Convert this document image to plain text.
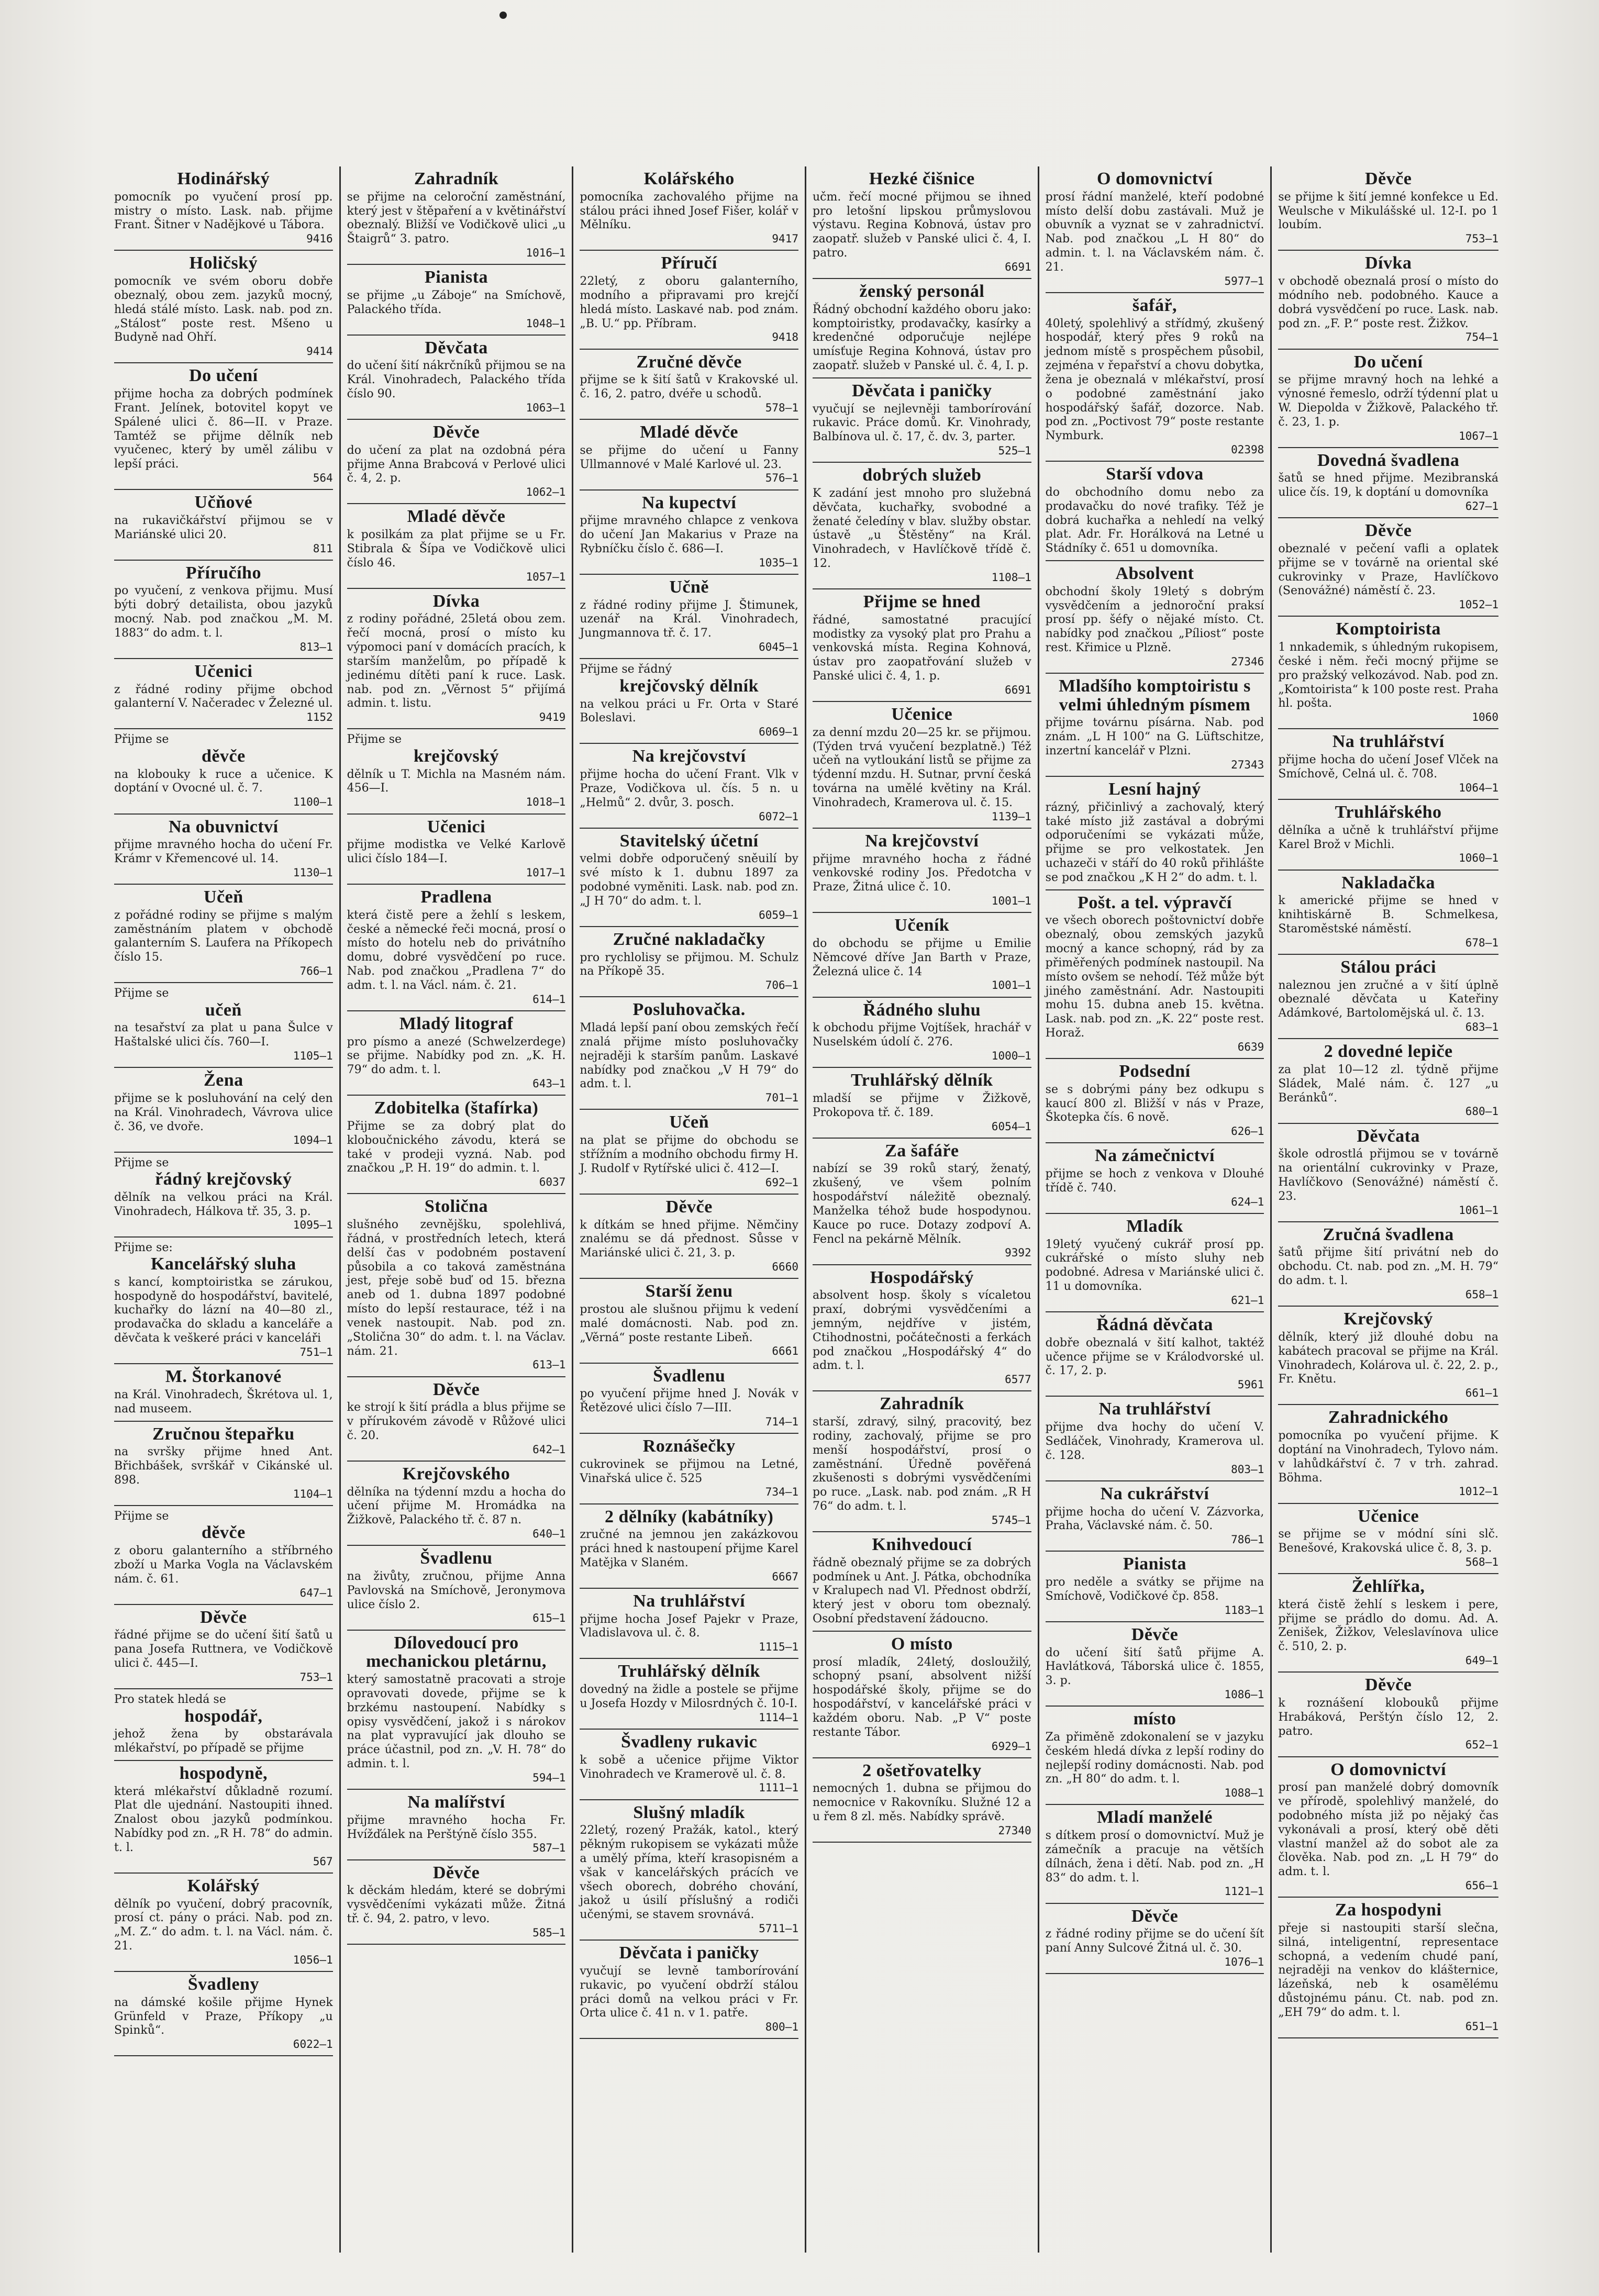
Hodinářský

pomocník po vyučení prosí pp. mistry o místo. Lask. nab. přijme Frant. Šitner v Nadějkové u Tábora.

9416
Holičský

pomocník ve svém oboru dobře obeznalý, obou zem. jazyků mocný, hledá stálé místo. Lask. nab. pod zn. „Stálost“ poste rest. Mšeno u Budyně nad Ohří.

9414
Do učení

přijme hocha za dobrých podmínek Frant. Jelínek, botovitel kopyt ve Spálené ulici č. 86—II. v Praze. Tamtéž se přijme dělník neb vyučenec, který by uměl zálibu v lepší práci.

564
Učňové

na rukavičkářství přijmou se v Mariánské ulici 20.

811
Příručího

po vyučení, z venkova přijmu. Musí býti dobrý detailista, obou jazyků mocný. Nab. pod značkou „M. M. 1883“ do adm. t. l.

813—1
Učenici

z řádné rodiny přijme obchod galanterní V. Načeradec v Železné ul.

1152
Přijme se
děvče

na klobouky k ruce a učenice. K doptání v Ovocné ul. č. 7.

1100—1
Na obuvnictví

přijme mravného hocha do učení Fr. Krámr v Křemencové ul. 14.

1130—1
Učeň

z pořádné rodiny se přijme s malým zaměstnáním platem v obchodě galanterním S. Laufera na Příkopech číslo 15.

766—1
Přijme se
učeň

na tesařství za plat u pana Šulce v Haštalské ulici čís. 760—I.

1105—1
Žena

přijme se k posluhování na celý den na Král. Vinohradech, Vávrova ulice č. 36, ve dvoře.

1094—1
Přijme se
řádný krejčovský

dělník na velkou práci na Král. Vinohradech, Hálkova tř. 35, 3. p.

1095—1
Přijme se:
Kancelářský sluha

s kancí, komptoiristka se zárukou, hospodyně do hospodářství, bavitelé, kuchařky do lázní na 40—80 zl., prodavačka do skladu a kanceláře a děvčata k veškeré práci v kanceláři

751—1
M. Štorkanové

na Král. Vinohradech, Škrétova ul. 1, nad museem.

Zručnou štepařku

na svršky přijme hned Ant. Břichbášek, svrškář v Cikánské ul. 898.

1104—1
Přijme se
děvče

z oboru galanterního a stříbrného zboží u Marka Vogla na Václavském nám. č. 61.

647—1
Děvče

řádné přijme se do učení šití šatů u pana Josefa Ruttnera, ve Vodičkově ulici č. 445—I.

753—1
Pro statek hledá se
hospodář,

jehož žena by obstarávala mlékařství, po případě se přijme

hospodyně,

která mlékařství důkladně rozumí. Plat dle ujednání. Nastoupiti ihned. Znalost obou jazyků podmínkou. Nabídky pod zn. „R H. 78“ do admin. t. l.

567
Kolářský

dělník po vyučení, dobrý pracovník, prosí ct. pány o práci. Nab. pod zn. „M. Z.“ do adm. t. l. na Václ. nám. č. 21.

1056—1
Švadleny

na dámské košile přijme Hynek Grünfeld v Praze, Příkopy „u Spinků“.

6022—1
Zahradník

se přijme na celoroční zaměstnání, který jest v štěpaření a v květinářství obeznalý. Bližší ve Vodičkově ulici „u Štaigrů“ 3. patro.

1016—1
Pianista

se přijme „u Záboje“ na Smíchově, Palackého třída.

1048—1
Děvčata

do učení šití nákrčníků přijmou se na Král. Vinohradech, Palackého třída číslo 90.

1063—1
Děvče

do učení za plat na ozdobná péra přijme Anna Brabcová v Perlové ulici č. 4, 2. p.

1062—1
Mladé děvče

k posilkám za plat přijme se u Fr. Stibrala & Šípa ve Vodičkově ulici číslo 46.

1057—1
Dívka

z rodiny pořádné, 25letá obou zem. řečí mocná, prosí o místo ku výpomoci paní v domácích pracích, k starším manželům, po případě k jedinému dítěti paní k ruce. Lask. nab. pod zn. „Věrnost 5“ přijímá admin. t. listu.

9419
Přijme se
krejčovský

dělník u T. Michla na Masném nám. 456—I.

1018—1
Učenici

přijme modistka ve Velké Karlově ulici číslo 184—I.

1017—1
Pradlena

která čistě pere a žehlí s leskem, české a německé řeči mocná, prosí o místo do hotelu neb do privátního domu, dobré vysvědčení po ruce. Nab. pod značkou „Pradlena 7“ do adm. t. l. na Václ. nám. č. 21.

614—1
Mladý litograf

pro písmo a anezé (Schwelzerdege) se přijme. Nabídky pod zn. „K. H. 79“ do adm. t. l.

643—1
Zdobitelka (štafírka)

Přijme se za dobrý plat do kloboučnického závodu, která se také v prodeji vyzná. Nab. pod značkou „P. H. 19“ do admin. t. l.

6037
Stolična

slušného zevnějšku, spolehlivá, řádná, v prostředních letech, která delší čas v podobném postavení působila a co taková zaměstnána jest, přeje sobě buď od 15. března aneb od 1. dubna 1897 podobné místo do lepší restaurace, též i na venek nastoupit. Nab. pod zn. „Stolična 30“ do adm. t. l. na Václav. nám. 21.

613—1
Děvče

ke strojí k šití prádla a blus přijme se v přírukovém závodě v Růžové ulici č. 20.

642—1
Krejčovského

dělníka na týdenní mzdu a hocha do učení přijme M. Hromádka na Žižkově, Palackého tř. č. 87 n.

640—1
Švadlenu

na živůty, zručnou, přijme Anna Pavlovská na Smíchově, Jeronymova ulice číslo 2.

615—1
Dílovedoucí pro mechanickou pletárnu,

který samostatně pracovati a stroje opravovati dovede, přijme se k brzkému nastoupení. Nabídky s opisy vysvědčení, jakož i s nárokov na plat vypravující jak dlouho se práce účastnil, pod zn. „V. H. 78“ do admin. t. l.

594—1
Na malířství

přijme mravného hocha Fr. Hvížďálek na Perštýně číslo 355.

587—1
Děvče

k děckám hledám, které se dobrými vysvědčeními vykázati může. Žitná tř. č. 94, 2. patro, v levo.

585—1
Kolářského

pomocníka zachovalého přijme na stálou práci ihned Josef Fišer, kolář v Mělníku.

9417
Příručí

22letý, z oboru galanterního, modního a připravami pro krejčí hledá místo. Laskavé nab. pod znám. „B. U.“ pp. Příbram.

9418
Zručné děvče

přijme se k šití šatů v Krakovské ul. č. 16, 2. patro, dvéře u schodů.

578—1
Mladé děvče

se přijme do učení u Fanny Ullmannové v Malé Karlové ul. 23.

576—1
Na kupectví

přijme mravného chlapce z venkova do učení Jan Makarius v Praze na Rybníčku číslo č. 686—I.

1035—1
Učně

z řádné rodiny přijme J. Štimunek, uzenář na Král. Vinohradech, Jungmannova tř. č. 17.

6045—1
Přijme se řádný
krejčovský dělník

na velkou práci u Fr. Orta v Staré Boleslavi.

6069—1
Na krejčovství

přijme hocha do učení Frant. Vlk v Praze, Vodičkova ul. čís. 5 n. u „Helmů“ 2. dvůr, 3. posch.

6072—1
Stavitelský účetní

velmi dobře odporučený sněuilí by své místo k 1. dubnu 1897 za podobné vyměniti. Lask. nab. pod zn. „J H 70“ do adm. t. l.

6059—1
Zručné nakladačky

pro rychlolisy se přijmou. M. Schulz na Příkopě 35.

706—1
Posluhovačka.

Mladá lepší paní obou zemských řečí znalá přijme místo posluhovačky nejraději k starším panům. Laskavé nabídky pod značkou „V H 79“ do adm. t. l.

701—1
Učeň

na plat se přijme do obchodu se střížním a modního obchodu firmy H. J. Rudolf v Rytířské ulici č. 412—I.

692—1
Děvče

k dítkám se hned přijme. Němčiny znalému se dá přednost. Sůsse v Mariánské ulici č. 21, 3. p.

6660
Starší ženu

prostou ale slušnou přijmu k vedení malé domácnosti. Nab. pod zn. „Věrná“ poste restante Libeň.

6661
Švadlenu

po vyučení přijme hned J. Novák v Řetězové ulici číslo 7—III.

714—1
Roznášečky

cukrovinek se přijmou na Letné, Vinařská ulice č. 525

734—1
2 dělníky (kabátníky)

zručné na jemnou jen zakázkovou práci hned k nastoupení přijme Karel Matějka v Slaném.

6667
Na truhlářství

přijme hocha Josef Pajekr v Praze, Vladislavova ul. č. 8.

1115—1
Truhlářský dělník

dovedný na židle a postele se přijme u Josefa Hozdy v Milosrdných č. 10-I.

1114—1
Švadleny rukavic

k sobě a učenice přijme Viktor Vinohradech ve Kramerově ul. č. 8.

1111—1
Slušný mladík

22letý, rozený Pražák, katol., který pěkným rukopisem se vykázati může a umělý příma, kteří krasopisném a však v kancelářských prácích ve všech oborech, dobrého chování, jakož u úsilí příslušný a rodiči učenými, se stavem srovnává.

5711—1
Děvčata i paničky

vyučují se levně tamborírování rukavic, po vyučení obdrží stálou práci domů na velkou práci v Fr. Orta ulice č. 41 n. v 1. patře.

800—1
Hezké čišnice

učm. řečí mocné přijmou se ihned pro letošní lipskou průmyslovou výstavu. Regina Kobnová, ústav pro zaopatř. služeb v Panské ulici č. 4, I. patro.

6691
ženský personál

Řádný obchodní každého oboru jako: komptoiristky, prodavačky, kasírky a kredenčné odporučuje nejlépe umísťuje Regina Kohnová, ústav pro zaopatř. služeb v Panské ul. č. 4, I. p.

Děvčata i paničky

vyučují se nejlevněji tamborírování rukavic. Práce domů. Kr. Vinohrady, Balbínova ul. č. 17, č. dv. 3, parter.

525—1
dobrých služeb

K zadání jest mnoho pro služebná děvčata, kuchařky, svobodné a ženaté čeledíny v blav. služby obstar. ústavě „u Štěstěny“ na Král. Vinohradech, v Havlíčkově třídě č. 12.

1108—1
Přijme se hned

řádné, samostatné pracující modistky za vysoký plat pro Prahu a venkovská místa. Regina Kohnová, ústav pro zaopatřování služeb v Panské ulici č. 4, 1. p.

6691
Učenice

za denní mzdu 20—25 kr. se přijmou. (Týden trvá vyučení bezplatně.) Též učeň na vytloukání listů se přijme za týdenní mzdu. H. Sutnar, první česká továrna na umělé květiny na Král. Vinohradech, Kramerova ul. č. 15.

1139—1
Na krejčovství

přijme mravného hocha z řádné venkovské rodiny Jos. Předotcha v Praze, Žitná ulice č. 10.

1001—1
Učeník

do obchodu se přijme u Emilie Němcové dříve Jan Barth v Praze, Železná ulice č. 14

1001—1
Řádného sluhu

k obchodu přijme Vojtíšek, hrachář v Nuselském údolí č. 276.

1000—1
Truhlářský dělník

mladší se přijme v Žižkově, Prokopova tř. č. 189.

6054—1
Za šafáře

nabízí se 39 roků starý, ženatý, zkušený, ve všem polním hospodářství náležitě obeznalý. Manželka téhož bude hospodynou. Kauce po ruce. Dotazy zodpoví A. Fencl na pekárně Mělník.

9392
Hospodářský

absolvent hosp. školy s vícaletou praxí, dobrými vysvědčeními a jemným, nejdříve v jistém, Ctihodnostni, počátečnosti a ferkách pod značkou „Hospodářský 4“ do adm. t. l.

6577
Zahradník

starší, zdravý, silný, pracovitý, bez rodiny, zachovalý, přijme se pro menší hospodářství, prosí o zaměstnání. Úředně pověřená zkušenosti s dobrými vysvědčeními po ruce. „Lask. nab. pod znám. „R H 76“ do adm. t. l.

5745—1
Knihvedoucí

řádně obeznalý přijme se za dobrých podmínek u Ant. J. Pátka, obchodníka v Kralupech nad Vl. Přednost obdrží, který jest v oboru tom obeznalý. Osobní představení žádoucno.

O místo

prosí mladík, 24letý, dosloužilý, schopný psaní, absolvent nižší hospodářské školy, přijme se do hospodářství, v kancelářské práci v každém oboru. Nab. „P V“ poste restante Tábor.

6929—1
2 ošetřovatelky

nemocných 1. dubna se přijmou do nemocnice v Rakovníku. Služné 12 a u řem 8 zl. měs. Nabídky správě.

27340
O domovnictví

prosí řádní manželé, kteří podobné místo delší dobu zastávali. Muž je obuvník a vyznat se v zahradnictví. Nab. pod značkou „L H 80“ do admin. t. l. na Václavském nám. č. 21.

5977—1
šafář,

40letý, spolehlivý a střídmý, zkušený hospodář, který přes 9 roků na jednom místě s prospěchem působil, zejména v řepařství a chovu dobytka, žena je obeznalá v mlékařství, prosí o podobné zaměstnání jako hospodářský šafář, dozorce. Nab. pod zn. „Poctivost 79“ poste restante Nymburk.

02398
Starší vdova

do obchodního domu nebo za prodavačku do nové trafiky. Též je dobrá kuchařka a nehledí na velký plat. Adr. Fr. Horálková na Letné u Stádníky č. 651 u domovníka.

Absolvent

obchodní školy 19letý s dobrým vysvědčením a jednoroční praksí prosí pp. šéfy o nějaké místo. Ct. nabídky pod značkou „Píliost“ poste rest. Křimice u Plzně.

27346
Mladšího komptoiristu s velmi úhledným písmem

přijme továrnu písárna. Nab. pod znám. „L H 100“ na G. Lüftschitze, inzertní kancelář v Plzni.

27343
Lesní hajný

rázný, přičinlivý a zachovalý, který také místo již zastával a dobrými odporučeními se vykázati může, přijme se pro velkostatek. Jen uchazeči v stáří do 40 roků přihlášte se pod značkou „K H 2“ do adm. t. l.

Pošt. a tel. výpravčí

ve všech oborech poštovnictví dobře obeznalý, obou zemských jazyků mocný a kance schopný, rád by za přiměřených podmínek nastoupil. Na místo ovšem se nehodí. Též může být jiného zaměstnání. Adr. Nastoupiti mohu 15. dubna aneb 15. května. Lask. nab. pod zn. „K. 22“ poste rest. Horaž.

6639
Podsední

se s dobrými pány bez odkupu s kaucí 800 zl. Bližší v nás v Praze, Škotepka čís. 6 nově.

626—1
Na zámečnictví

přijme se hoch z venkova v Dlouhé třídě č. 740.

624—1
Mladík

19letý vyučený cukrář prosí pp. cukrářské o místo sluhy neb podobné. Adresa v Mariánské ulici č. 11 u domovníka.

621—1
Řádná děvčata

dobře obeznalá v šití kalhot, taktéž učence přijme se v Králodvorské ul. č. 17, 2. p.

5961
Na truhlářství

přijme dva hochy do učení V. Sedláček, Vinohrady, Kramerova ul. č. 128.

803—1
Na cukrářství

přijme hocha do učení V. Zázvorka, Praha, Václavské nám. č. 50.

786—1
Pianista

pro neděle a svátky se přijme na Smíchově, Vodičkové čp. 858.

1183—1
Děvče

do učení šití šatů přijme A. Havlátková, Táborská ulice č. 1855, 3. p.

1086—1
místo

Za přiměně zdokonalení se v jazyku českém hledá dívka z lepší rodiny do nejlepší rodiny domácnosti. Nab. pod zn. „H 80“ do adm. t. l.

1088—1
Mladí manželé

s dítkem prosí o domovnictví. Muž je zámečník a pracuje na větších dílnách, žena i dětí. Nab. pod zn. „H 83“ do adm. t. l.

1121—1
Děvče

z řádné rodiny přijme se do učení šít paní Anny Sulcové Žitná ul. č. 30.

1076—1
Děvče

se přijme k šití jemné konfekce u Ed. Weulsche v Mikulášské ul. 12-I. po 1 loubím.

753—1
Dívka

v obchodě obeznalá prosí o místo do módního neb. podobného. Kauce a dobrá vysvědčení po ruce. Lask. nab. pod zn. „F. P.“ poste rest. Žižkov.

754—1
Do učení

se přijme mravný hoch na lehké a výnosné řemeslo, održí týdenní plat u W. Diepolda v Žižkově, Palackého tř. č. 23, 1. p.

1067—1
Dovedná švadlena

šatů se hned přijme. Mezibranská ulice čís. 19, k doptání u domovníka

627—1
Děvče

obeznalé v pečení vafli a oplatek přijme se v továrně na oriental ské cukrovinky v Praze, Havlíčkovo (Senovážné) náměstí č. 23.

1052—1
Komptoirista

1 nnkademik, s úhledným rukopisem, české i něm. řeči mocný přijme se pro pražský velkozávod. Nab. pod zn. „Komtoirista“ k 100 poste rest. Praha hl. pošta.

1060
Na truhlářství

přijme hocha do učení Josef Vlček na Smíchově, Celná ul. č. 708.

1064—1
Truhlářského

dělníka a učně k truhlářství přijme Karel Brož v Michli.

1060—1
Nakladačka

k americké přijme se hned v knihtiskárně B. Schmelkesa, Staroměstské náměstí.

678—1
Stálou práci

naleznou jen zručné a v šití úplně obeznalé děvčata u Kateřiny Adámkové, Bartolomějská ul. č. 13.

683—1
2 dovedné lepiče

za plat 10—12 zl. týdně přijme Sládek, Malé nám. č. 127 „u Beránků“.

680—1
Děvčata

škole odrostlá přijmou se v továrně na orientální cukrovinky v Praze, Havlíčkovo (Senovážné) náměstí č. 23.

1061—1
Zručná švadlena

šatů přijme šití privátní neb do obchodu. Ct. nab. pod zn. „M. H. 79“ do adm. t. l.

658—1
Krejčovský

dělník, který již dlouhé dobu na kabátech pracoval se přijme na Král. Vinohradech, Kolárova ul. č. 22, 2. p., Fr. Knětu.

661—1
Zahradnického

pomocníka po vyučení přijme. K doptání na Vinohradech, Tylovo nám. v lahůdkářství č. 7 v trh. zahrad. Böhma.

1012—1
Učenice

se přijme se v módní síni slč. Benešové, Krakovská ulice č. 8, 3. p.

568—1
Žehlířka,

která čistě žehlí s leskem i pere, přijme se prádlo do domu. Ad. A. Zenišek, Žižkov, Veleslavínova ulice č. 510, 2. p.

649—1
Děvče

k roznášení klobouků přijme Hrabáková, Perštýn číslo 12, 2. patro.

652—1
O domovnictví

prosí pan manželé dobrý domovník ve přírodě, spolehlivý manželé, do podobného místa již po nějaký čas vykonávali a prosí, který obě děti vlastní manžel až do sobot ale za člověka. Nab. pod zn. „L H 79“ do adm. t. l.

656—1
Za hospodyni

přeje si nastoupiti starší slečna, silná, inteligentní, representace schopná, a vedením chudé paní, nejraději na venkov do klášternice, lázeňská, neb k osamělému důstojnému pánu. Ct. nab. pod zn. „EH 79“ do adm. t. l.

651—1
